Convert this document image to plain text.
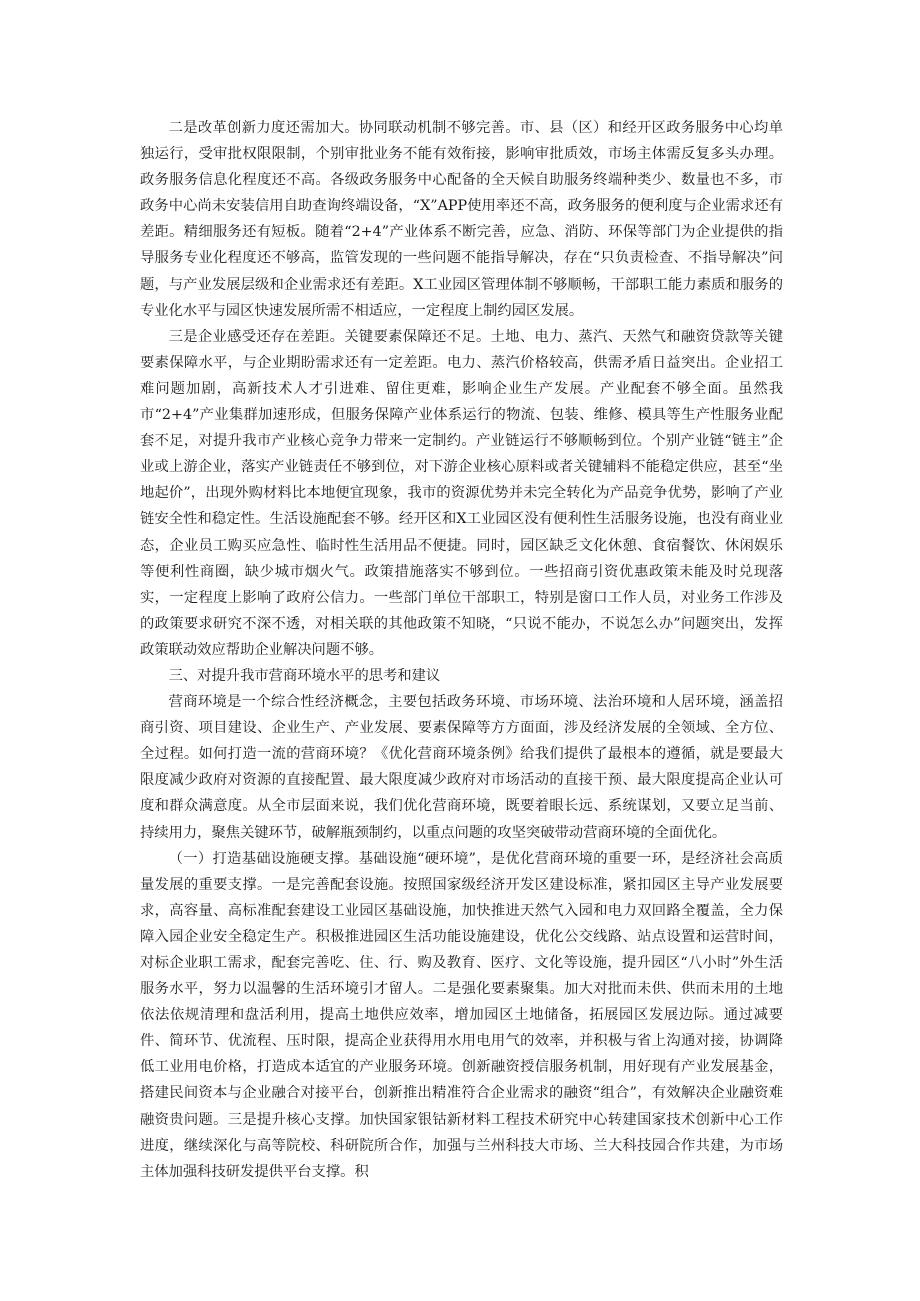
二是改革创新力度还需加大。协同联动机制不够完善。市、县（区）和经开区政务服务中心均单独运行，受审批权限限制，个别审批业务不能有效衔接，影响审批质效，市场主体需反复多头办理。政务服务信息化程度还不高。各级政务服务中心配备的全天候自助服务终端种类少、数量也不多，市政务中心尚未安装信用自助查询终端设备，“X”APP使用率还不高，政务服务的便利度与企业需求还有差距。精细服务还有短板。随着“2+4”产业体系不断完善，应急、消防、环保等部门为企业提供的指导服务专业化程度还不够高，监管发现的一些问题不能指导解决，存在“只负责检查、不指导解决”问题，与产业发展层级和企业需求还有差距。X工业园区管理体制不够顺畅，干部职工能力素质和服务的专业化水平与园区快速发展所需不相适应，一定程度上制约园区发展。

三是企业感受还存在差距。关键要素保障还不足。土地、电力、蒸汽、天然气和融资贷款等关键要素保障水平，与企业期盼需求还有一定差距。电力、蒸汽价格较高，供需矛盾日益突出。企业招工难问题加剧，高新技术人才引进难、留住更难，影响企业生产发展。产业配套不够全面。虽然我市“2+4”产业集群加速形成，但服务保障产业体系运行的物流、包装、维修、模具等生产性服务业配套不足，对提升我市产业核心竞争力带来一定制约。产业链运行不够顺畅到位。个别产业链“链主”企业或上游企业，落实产业链责任不够到位，对下游企业核心原料或者关键辅料不能稳定供应，甚至“坐地起价”，出现外购材料比本地便宜现象，我市的资源优势并未完全转化为产品竞争优势，影响了产业链安全性和稳定性。生活设施配套不够。经开区和X工业园区没有便利性生活服务设施，也没有商业业态，企业员工购买应急性、临时性生活用品不便捷。同时，园区缺乏文化休憩、食宿餐饮、休闲娱乐等便利性商圈，缺少城市烟火气。政策措施落实不够到位。一些招商引资优惠政策未能及时兑现落实，一定程度上影响了政府公信力。一些部门单位干部职工，特别是窗口工作人员，对业务工作涉及的政策要求研究不深不透，对相关联的其他政策不知晓，“只说不能办，不说怎么办”问题突出，发挥政策联动效应帮助企业解决问题不够。

三、对提升我市营商环境水平的思考和建议

营商环境是一个综合性经济概念，主要包括政务环境、市场环境、法治环境和人居环境，涵盖招商引资、项目建设、企业生产、产业发展、要素保障等方方面面，涉及经济发展的全领域、全方位、全过程。如何打造一流的营商环境？《优化营商环境条例》给我们提供了最根本的遵循，就是要最大限度减少政府对资源的直接配置、最大限度减少政府对市场活动的直接干预、最大限度提高企业认可度和群众满意度。从全市层面来说，我们优化营商环境，既要着眼长远、系统谋划，又要立足当前、持续用力，聚焦关键环节，破解瓶颈制约，以重点问题的攻坚突破带动营商环境的全面优化。

（一）打造基础设施硬支撑。基础设施“硬环境”，是优化营商环境的重要一环，是经济社会高质量发展的重要支撑。一是完善配套设施。按照国家级经济开发区建设标准，紧扣园区主导产业发展要求，高容量、高标准配套建设工业园区基础设施，加快推进天然气入园和电力双回路全覆盖，全力保障入园企业安全稳定生产。积极推进园区生活功能设施建设，优化公交线路、站点设置和运营时间，对标企业职工需求，配套完善吃、住、行、购及教育、医疗、文化等设施，提升园区“八小时”外生活服务水平，努力以温馨的生活环境引才留人。二是强化要素聚集。加大对批而未供、供而未用的土地依法依规清理和盘活利用，提高土地供应效率，增加园区土地储备，拓展园区发展边际。通过减要件、简环节、优流程、压时限，提高企业获得用水用电用气的效率，并积极与省上沟通对接，协调降低工业用电价格，打造成本适宜的产业服务环境。创新融资授信服务机制，用好现有产业发展基金，搭建民间资本与企业融合对接平台，创新推出精准符合企业需求的融资“组合”，有效解决企业融资难融资贵问题。三是提升核心支撑。加快国家银钴新材料工程技术研究中心转建国家技术创新中心工作进度，继续深化与高等院校、科研院所合作，加强与兰州科技大市场、兰大科技园合作共建，为市场主体加强科技研发提供平台支撑。积
